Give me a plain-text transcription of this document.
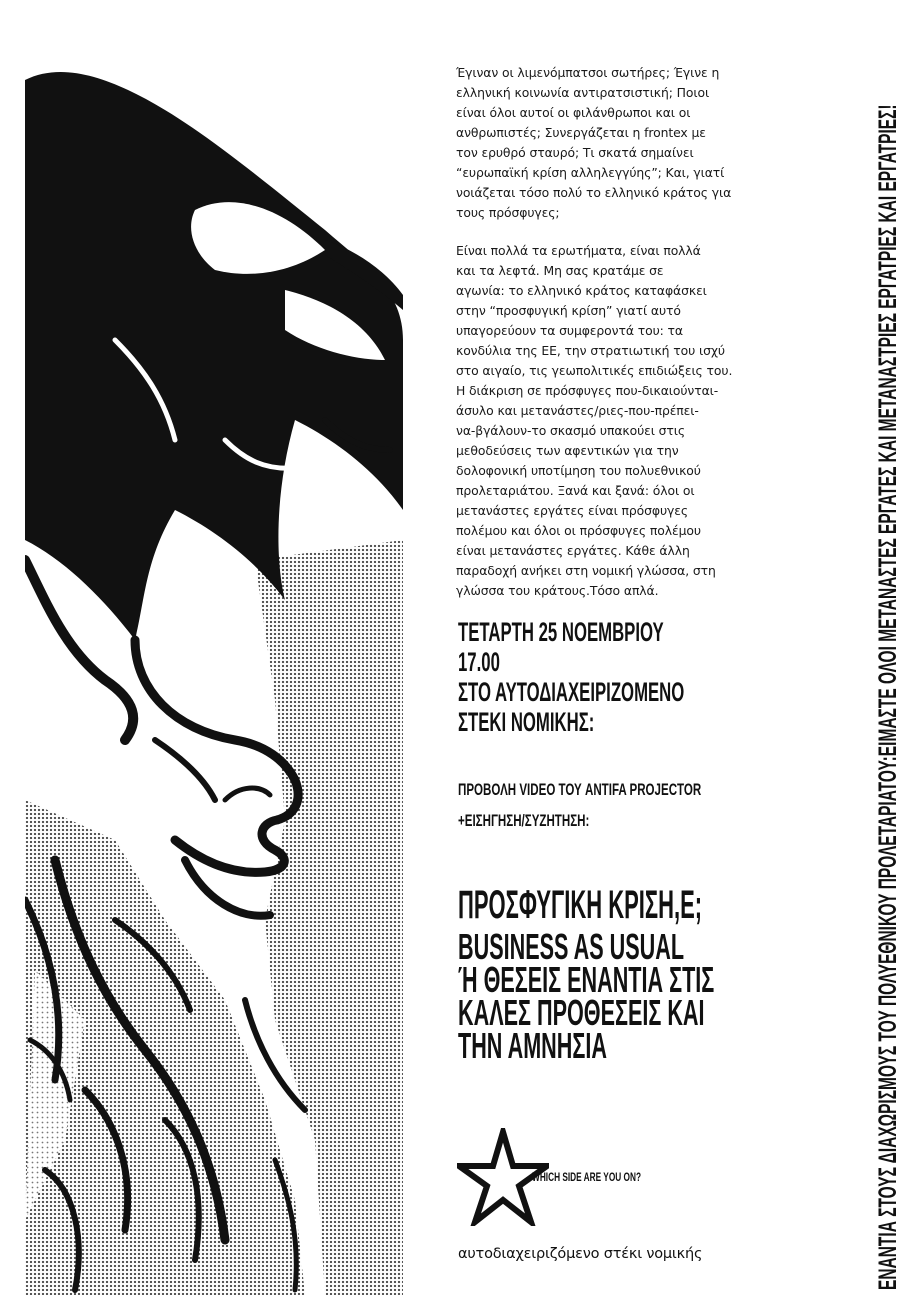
Έγιναν οι λιμενόμπατσοι σωτήρες; Έγινε η
ελληνική κοινωνία αντιρατσιστική; Ποιοι
είναι όλοι αυτοί οι φιλάνθρωποι και οι
ανθρωπιστές; Συνεργάζεται η frontex με
τον ερυθρό σταυρό; Τι σκατά σημαίνει
“ευρωπαϊκή κρίση αλληλεγγύης”; Και, γιατί
νοιάζεται τόσο πολύ το ελληνικό κράτος για
τους πρόσφυγες;

Είναι πολλά τα ερωτήματα, είναι πολλά
και τα λεφτά. Μη σας κρατάμε σε
αγωνία: το ελληνικό κράτος καταφάσκει
στην “προσφυγική κρίση” γιατί αυτό
υπαγορεύουν τα συμφεροντά του: τα
κονδύλια της ΕΕ, την στρατιωτική του ισχύ
στο αιγαίο, τις γεωπολιτικές επιδιώξεις του.
Η διάκριση σε πρόσφυγες που-δικαιούνται-
άσυλο και μετανάστες/ριες-που-πρέπει-
να-βγάλουν-το σκασμό υπακούει στις
μεθοδεύσεις των αφεντικών για την
δολοφονική υποτίμηση του πολυεθνικού
προλεταριάτου. Ξανά και ξανά: όλοι οι
μετανάστες εργάτες είναι πρόσφυγες
πολέμου και όλοι οι πρόσφυγες πολέμου
είναι μετανάστες εργάτες. Κάθε άλλη
παραδοχή ανήκει στη νομική γλώσσα, στη
γλώσσα του κράτους.Τόσο απλά.

ΤΕΤΑΡΤΗ 25 ΝΟΕΜΒΡΙΟΥ
17.00
ΣΤΟ ΑΥΤΟΔΙΑΧΕΙΡΙΖΟΜΕΝΟ
ΣΤΕΚΙ ΝΟΜΙΚΗΣ:
ΠΡΟΒΟΛΗ VIDEO ΤΟΥ ANTIFA PROJECTOR
+ΕΙΣΗΓΗΣΗ/ΣΥΖΗΤΗΣΗ:
ΠΡΟΣΦΥΓΙΚΗ ΚΡΙΣΗ,Ε;
BUSINESS AS USUAL
Ή ΘΕΣΕΙΣ ΕΝΑΝΤΙΑ ΣΤΙΣ
ΚΑΛΕΣ ΠΡΟΘΕΣΕΙΣ ΚΑΙ
ΤΗΝ ΑΜΝΗΣΙΑ
WHICH SIDE ARE YOU ON?
αυτοδιαχειριζόμενο στέκι νομικής	ΕΝΑΝΤΙΑ ΣΤΟΥΣ ΔΙΑΧΩΡΙΣΜΟΥΣ ΤΟΥ ΠΟΛΥΕΘΝΙΚΟΥ ΠΡΟΛΕΤΑΡΙΑΤΟΥ:ΕΙΜΑΣΤΕ ΟΛΟΙ ΜΕΤΑΝΑΣΤΕΣ ΕΡΓΑΤΕΣ ΚΑΙ ΜΕΤΑΝΑΣΤΡΙΕΣ ΕΡΓΑΤΡΙΕΣ ΚΑΙ ΕΡΓΑΤΡΙΕΣ!
